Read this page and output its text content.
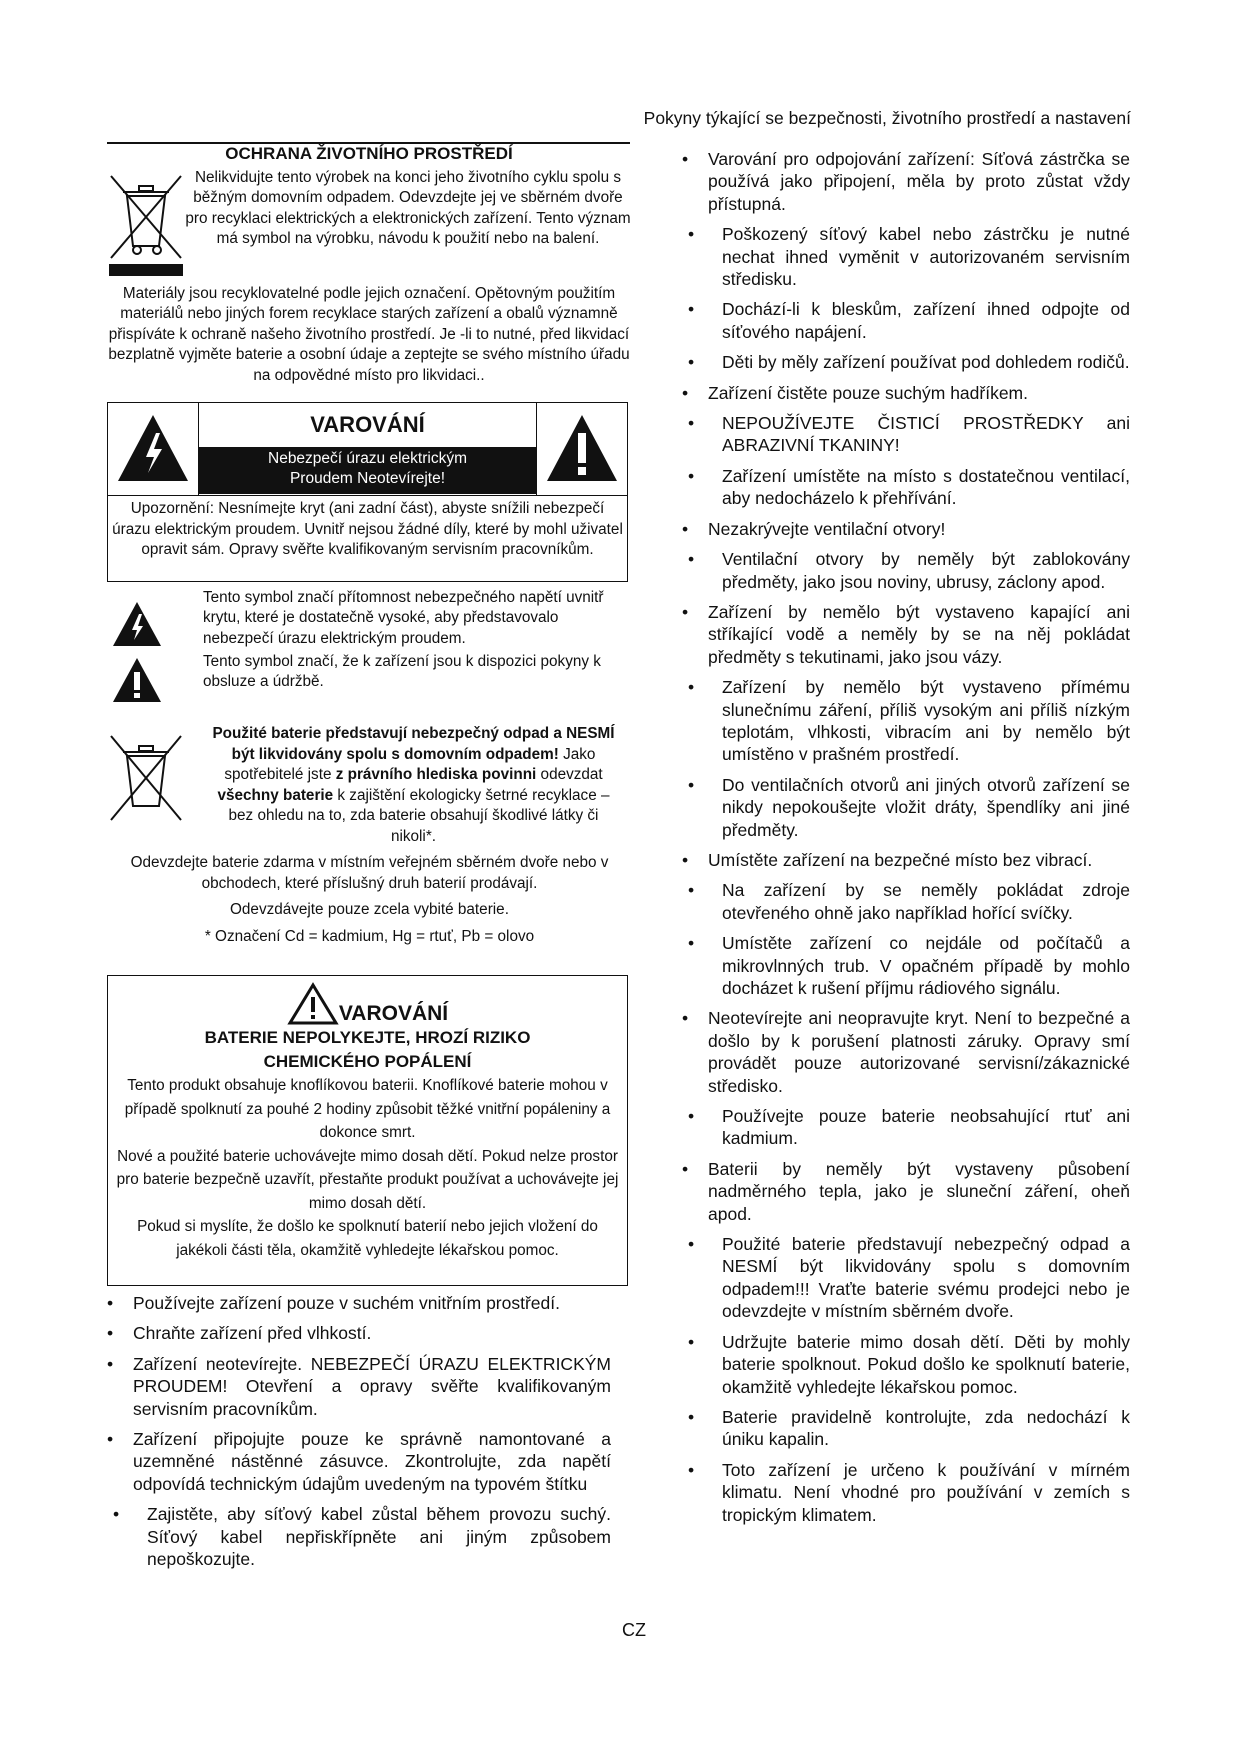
Pokyny týkající se bezpečnosti, životního prostředí a nastavení
OCHRANA ŽIVOTNÍHO PROSTŘEDÍ
Nelikvidujte tento výrobek na konci jeho životního cyklu spolu s běžným domovním odpadem. Odevzdejte jej ve sběrném dvoře pro recyklaci elektrických a elektronických zařízení. Tento význam má symbol na výrobku, návodu k použití nebo na balení.
Materiály jsou recyklovatelné podle jejich označení. Opětovným použitím materiálů nebo jiných forem recyklace starých zařízení a obalů významně přispíváte k ochraně našeho životního prostředí. Je -li to nutné, před likvidací bezplatně vyjměte baterie a osobní údaje a zeptejte se svého místního úřadu na odpovědné místo pro likvidaci..
VAROVÁNÍ
Nebezpečí úrazu elektrickým
Proudem Neotevírejte!
Upozornění: Nesnímejte kryt (ani zadní část), abyste snížili nebezpečí úrazu elektrickým proudem. Uvnitř nejsou žádné díly, které by mohl uživatel opravit sám. Opravy svěřte kvalifikovaným servisním pracovníkům.
Tento symbol značí přítomnost nebezpečného napětí uvnitř krytu, které je dostatečně vysoké, aby představovalo nebezpečí úrazu elektrickým proudem.
Tento symbol značí, že k zařízení jsou k dispozici pokyny k obsluze a údržbě.
Použité baterie představují nebezpečný odpad a NESMÍ být likvidovány spolu s domovním odpadem! Jako spotřebitelé jste z právního hlediska povinni odevzdat všechny baterie k zajištění ekologicky šetrné recyklace – bez ohledu na to, zda baterie obsahují škodlivé látky či nikoli*.
Odevzdejte baterie zdarma v místním veřejném sběrném dvoře nebo v obchodech, které příslušný druh baterií prodávají.
Odevzdávejte pouze zcela vybité baterie.
* Označení Cd = kadmium, Hg = rtuť, Pb = olovo
VAROVÁNÍ
BATERIE NEPOLYKEJTE, HROZÍ RIZIKO CHEMICKÉHO POPÁLENÍ
Tento produkt obsahuje knoflíkovou baterii. Knoflíkové baterie mohou v případě spolknutí za pouhé 2 hodiny způsobit těžké vnitřní popáleniny a dokonce smrt.
Nové a použité baterie uchovávejte mimo dosah dětí. Pokud nelze prostor pro baterie bezpečně uzavřít, přestaňte produkt používat a uchovávejte jej mimo dosah dětí.
Pokud si myslíte, že došlo ke spolknutí baterií nebo jejich vložení do jakékoli části těla, okamžitě vyhledejte lékařskou pomoc.
• Používejte zařízení pouze v suchém vnitřním prostředí.
• Chraňte zařízení před vlhkostí.
• Zařízení neotevírejte. NEBEZPEČÍ ÚRAZU ELEKTRICKÝM PROUDEM! Otevření a opravy svěřte kvalifikovaným servisním pracovníkům.
• Zařízení připojujte pouze ke správně namontované a uzemněné nástěnné zásuvce. Zkontrolujte, zda napětí odpovídá technickým údajům uvedeným na typovém štítku
• Zajistěte, aby síťový kabel zůstal během provozu suchý. Síťový kabel nepřiskřípněte ani jiným způsobem nepoškozujte.
• Varování pro odpojování zařízení: Síťová zástrčka se používá jako připojení, měla by proto zůstat vždy přístupná.
• Poškozený síťový kabel nebo zástrčku je nutné nechat ihned vyměnit v autorizovaném servisním středisku.
• Dochází-li k bleskům, zařízení ihned odpojte od síťového napájení.
• Děti by měly zařízení používat pod dohledem rodičů.
• Zařízení čistěte pouze suchým hadříkem.
• NEPOUŽÍVEJTE ČISTICÍ PROSTŘEDKY ani ABRAZIVNÍ TKANINY!
• Zařízení umístěte na místo s dostatečnou ventilací, aby nedocházelo k přehřívání.
• Nezakrývejte ventilační otvory!
• Ventilační otvory by neměly být zablokovány předměty, jako jsou noviny, ubrusy, záclony apod.
• Zařízení by nemělo být vystaveno kapající ani stříkající vodě a neměly by se na něj pokládat předměty s tekutinami, jako jsou vázy.
• Zařízení by nemělo být vystaveno přímému slunečnímu záření, příliš vysokým ani příliš nízkým teplotám, vlhkosti, vibracím ani by nemělo být umístěno v prašném prostředí.
• Do ventilačních otvorů ani jiných otvorů zařízení se nikdy nepokoušejte vložit dráty, špendlíky ani jiné předměty.
• Umístěte zařízení na bezpečné místo bez vibrací.
• Na zařízení by se neměly pokládat zdroje otevřeného ohně jako například hořící svíčky.
• Umístěte zařízení co nejdále od počítačů a mikrovlnných trub. V opačném případě by mohlo docházet k rušení příjmu rádiového signálu.
• Neotevírejte ani neopravujte kryt. Není to bezpečné a došlo by k porušení platnosti záruky. Opravy smí provádět pouze autorizované servisní/zákaznické středisko.
• Používejte pouze baterie neobsahující rtuť ani kadmium.
• Baterii by neměly být vystaveny působení nadměrného tepla, jako je sluneční záření, oheň apod.
• Použité baterie představují nebezpečný odpad a NESMÍ být likvidovány spolu s domovním odpadem!!! Vraťte baterie svému prodejci nebo je odevzdejte v místním sběrném dvoře.
• Udržujte baterie mimo dosah dětí. Děti by mohly baterie spolknout. Pokud došlo ke spolknutí baterie, okamžitě vyhledejte lékařskou pomoc.
• Baterie pravidelně kontrolujte, zda nedochází k úniku kapalin.
• Toto zařízení je určeno k používání v mírném klimatu. Není vhodné pro používání v zemích s tropickým klimatem.
CZ
